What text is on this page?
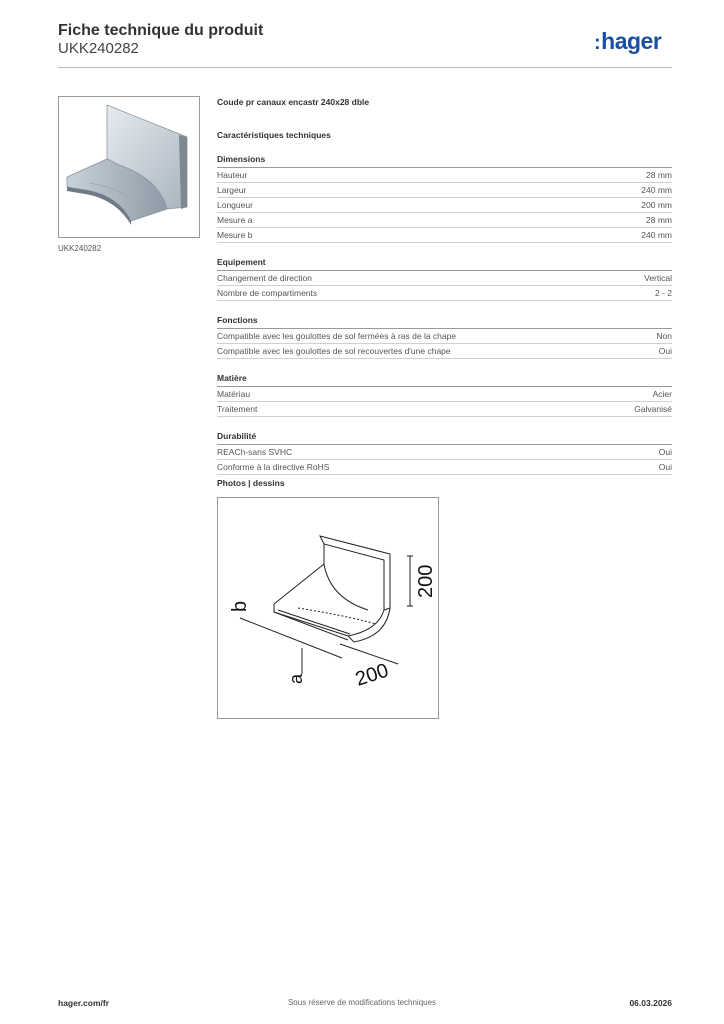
Fiche technique du produit
UKK240282	:hager
UKK240282
Coude pr canaux encastr 240x28 dble
Caractéristiques techniques
Dimensions
Hauteur	28 mm
Largeur	240 mm
Longueur	200 mm
Mesure a	28 mm
Mesure b	240 mm
Equipement
Changement de direction	Vertical
Nombre de compartiments	2 - 2
Fonctions
Compatible avec les goulottes de sol fermées à ras de la chape	Non
Compatible avec les goulottes de sol recouvertes d'une chape	Oui
Matière
Matériau	Acier
Traitement	Galvanisé
Durabilité
REACh-sans SVHC	Oui
Conforme à la directive RoHS	Oui
Photos | dessins
200
200
b
a
hager.com/fr	Sous réserve de modifications techniques	06.03.2026
